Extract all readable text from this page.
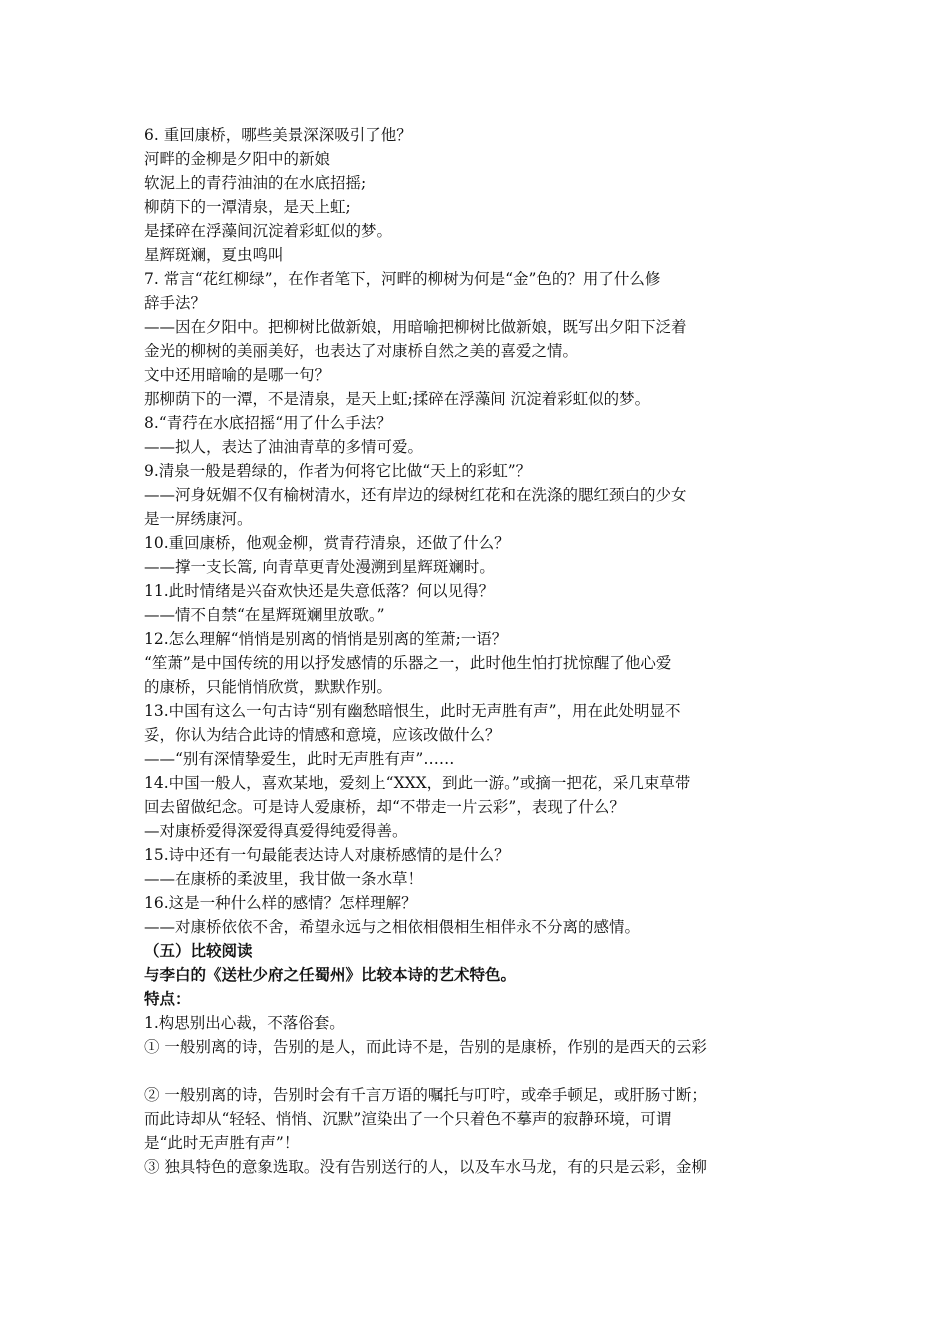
6. 重回康桥，哪些美景深深吸引了他？
河畔的金柳是夕阳中的新娘
软泥上的青荇油油的在水底招摇;
柳荫下的一潭清泉，是天上虹;
是揉碎在浮藻间沉淀着彩虹似的梦。
星辉斑斓，夏虫鸣叫
7. 常言“花红柳绿”，在作者笔下，河畔的柳树为何是“金”色的？用了什么修
辞手法？
——因在夕阳中。把柳树比做新娘，用暗喻把柳树比做新娘，既写出夕阳下泛着
金光的柳树的美丽美好，也表达了对康桥自然之美的喜爱之情。
文中还用暗喻的是哪一句？
那柳荫下的一潭，不是清泉，是天上虹;揉碎在浮藻间 沉淀着彩虹似的梦。
8.“青荇在水底招摇“用了什么手法？
——拟人，表达了油油青草的多情可爱。
9.清泉一般是碧绿的，作者为何将它比做“天上的彩虹”？
——河身妩媚不仅有榆树清水，还有岸边的绿树红花和在洗涤的腮红颈白的少女
是一屏绣康河。
10.重回康桥，他观金柳，赏青荇清泉，还做了什么？
——撑一支长篙, 向青草更青处漫溯到星辉斑斓时。
11.此时情绪是兴奋欢快还是失意低落？何以见得？
——情不自禁“在星辉斑斓里放歌。”
12.怎么理解“悄悄是别离的悄悄是别离的笙萧;一语？
“笙萧”是中国传统的用以抒发感情的乐器之一，此时他生怕打扰惊醒了他心爱
的康桥，只能悄悄欣赏，默默作别。
13.中国有这么一句古诗“别有幽愁暗恨生，此时无声胜有声”，用在此处明显不
妥，你认为结合此诗的情感和意境，应该改做什么？
——“别有深情挚爱生，此时无声胜有声”……
14.中国一般人，喜欢某地，爱刻上“XXX，到此一游。”或摘一把花，采几束草带
回去留做纪念。可是诗人爱康桥，却“不带走一片云彩”，表现了什么？
—对康桥爱得深爱得真爱得纯爱得善。
15.诗中还有一句最能表达诗人对康桥感情的是什么？
——在康桥的柔波里，我甘做一条水草！
16.这是一种什么样的感情？怎样理解？
——对康桥依依不舍，希望永远与之相依相偎相生相伴永不分离的感情。
（五）比较阅读
与李白的《送杜少府之任蜀州》比较本诗的艺术特色。
特点：
1.构思别出心裁，不落俗套。
① 一般别离的诗，告别的是人，而此诗不是，告别的是康桥，作别的是西天的云彩
② 一般别离的诗，告别时会有千言万语的嘱托与叮咛，或牵手顿足，或肝肠寸断；
而此诗却从“轻轻、悄悄、沉默”渲染出了一个只着色不摹声的寂静环境，可谓
是“此时无声胜有声”！
③ 独具特色的意象选取。没有告别送行的人，以及车水马龙，有的只是云彩，金柳
